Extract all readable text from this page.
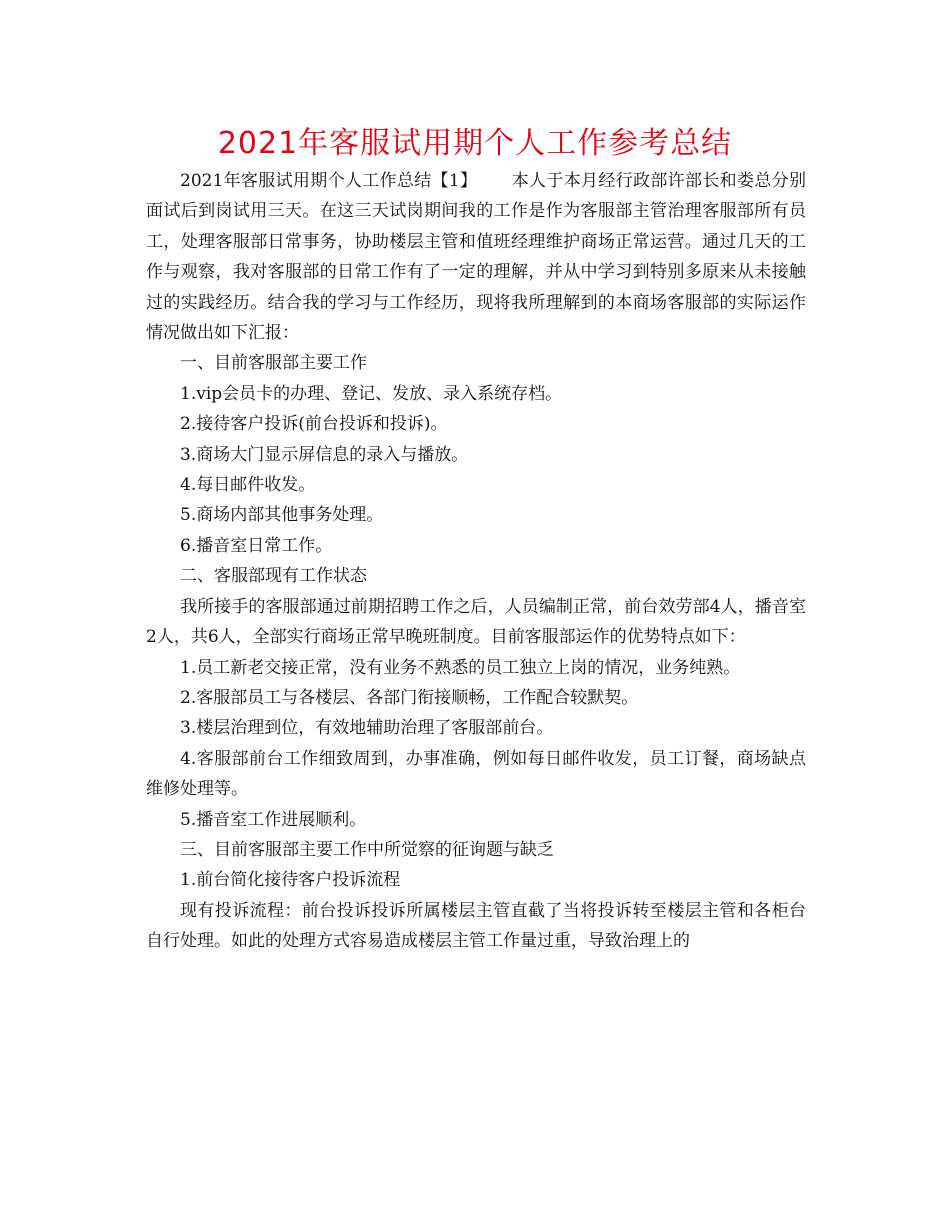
2021年客服试用期个人工作参考总结

2021年客服试用期个人工作总结【1】 本人于本月经行政部许部长和娄总分别面试后到岗试用三天。在这三天试岗期间我的工作是作为客服部主管治理客服部所有员工，处理客服部日常事务，协助楼层主管和值班经理维护商场正常运营。通过几天的工作与观察，我对客服部的日常工作有了一定的理解，并从中学习到特别多原来从未接触过的实践经历。结合我的学习与工作经历，现将我所理解到的本商场客服部的实际运作情况做出如下汇报：

一、目前客服部主要工作

1.vip会员卡的办理、登记、发放、录入系统存档。

2.接待客户投诉(前台投诉和投诉)。

3.商场大门显示屏信息的录入与播放。

4.每日邮件收发。

5.商场内部其他事务处理。

6.播音室日常工作。

二、客服部现有工作状态

我所接手的客服部通过前期招聘工作之后，人员编制正常，前台效劳部4人，播音室2人，共6人，全部实行商场正常早晚班制度。目前客服部运作的优势特点如下：

1.员工新老交接正常，没有业务不熟悉的员工独立上岗的情况，业务纯熟。

2.客服部员工与各楼层、各部门衔接顺畅，工作配合较默契。

3.楼层治理到位，有效地辅助治理了客服部前台。

4.客服部前台工作细致周到，办事准确，例如每日邮件收发，员工订餐，商场缺点维修处理等。

5.播音室工作进展顺利。

三、目前客服部主要工作中所觉察的征询题与缺乏

1.前台简化接待客户投诉流程

现有投诉流程：前台投诉投诉所属楼层主管直截了当将投诉转至楼层主管和各柜台自行处理。如此的处理方式容易造成楼层主管工作量过重，导致治理上的
